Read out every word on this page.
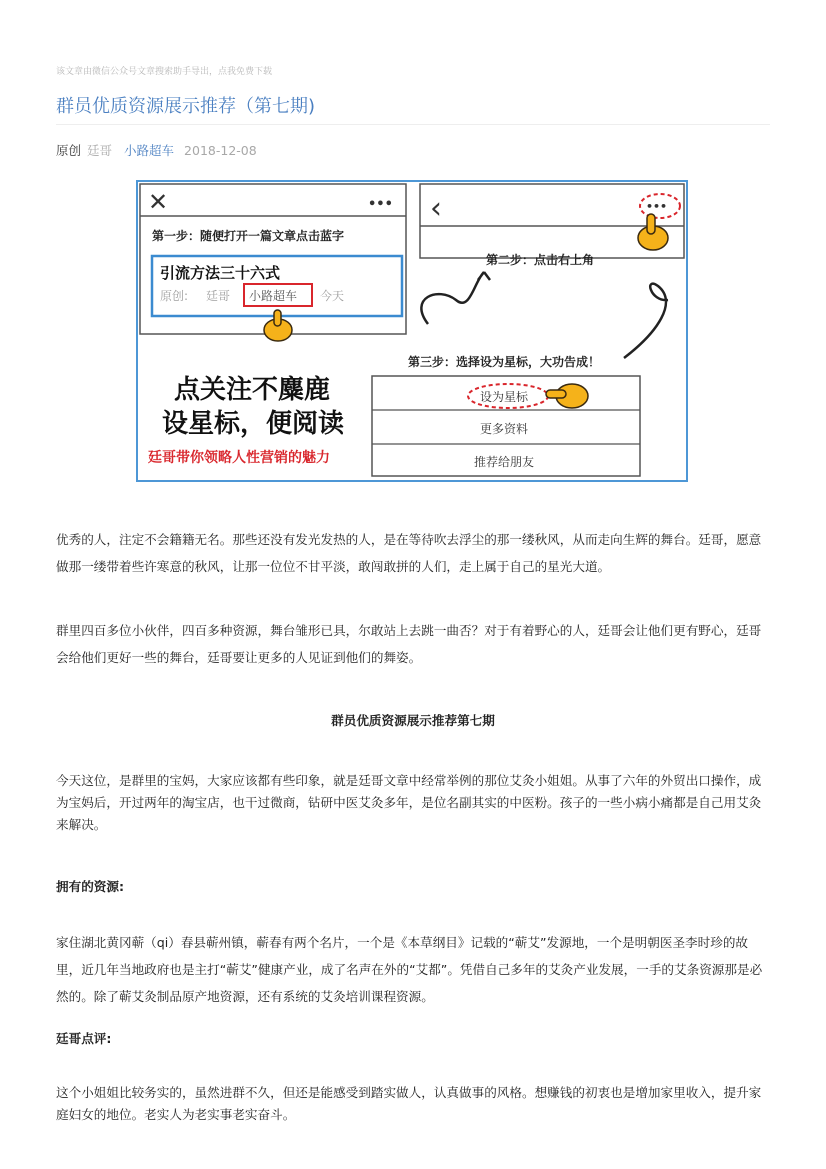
该文章由微信公众号文章搜索助手导出，点我免费下载
群员优质资源展示推荐（第七期)
原创 廷哥 小路超车 2018-12-08
✕	•••
第一步：随便打开一篇文章点击蓝字
引流方法三十六式
原创: 廷哥 小路超车 今天
‹	•••
第二步：点击右上角
第三步：选择设为星标，大功告成！
设为星标
更多资料
推荐给朋友
点关注不麋鹿
设星标，便阅读
廷哥带你领略人性营销的魅力

优秀的人，注定不会籍籍无名。那些还没有发光发热的人，是在等待吹去浮尘的那一缕秋风，从而走向生辉的舞台。廷哥，愿意做那一缕带着些许寒意的秋风，让那一位位不甘平淡，敢闯敢拼的人们，走上属于自己的星光大道。

群里四百多位小伙伴，四百多种资源，舞台雏形已具，尔敢站上去跳一曲否？对于有着野心的人，廷哥会让他们更有野心，廷哥会给他们更好一些的舞台，廷哥要让更多的人见证到他们的舞姿。

群员优质资源展示推荐第七期

今天这位，是群里的宝妈，大家应该都有些印象，就是廷哥文章中经常举例的那位艾灸小姐姐。从事了六年的外贸出口操作，成为宝妈后，开过两年的淘宝店，也干过微商，钻研中医艾灸多年，是位名副其实的中医粉。孩子的一些小病小痛都是自己用艾灸来解决。

拥有的资源:

家住湖北黄冈蕲（qi）春县蕲州镇，蕲春有两个名片，一个是《本草纲目》记载的“蕲艾”发源地，一个是明朝医圣李时珍的故里，近几年当地政府也是主打“蕲艾”健康产业，成了名声在外的“艾都”。凭借自己多年的艾灸产业发展，一手的艾条资源那是必然的。除了蕲艾灸制品原产地资源，还有系统的艾灸培训课程资源。

廷哥点评:

这个小姐姐比较务实的，虽然进群不久，但还是能感受到踏实做人，认真做事的风格。想赚钱的初衷也是增加家里收入，提升家庭妇女的地位。老实人为老实事老实奋斗。
